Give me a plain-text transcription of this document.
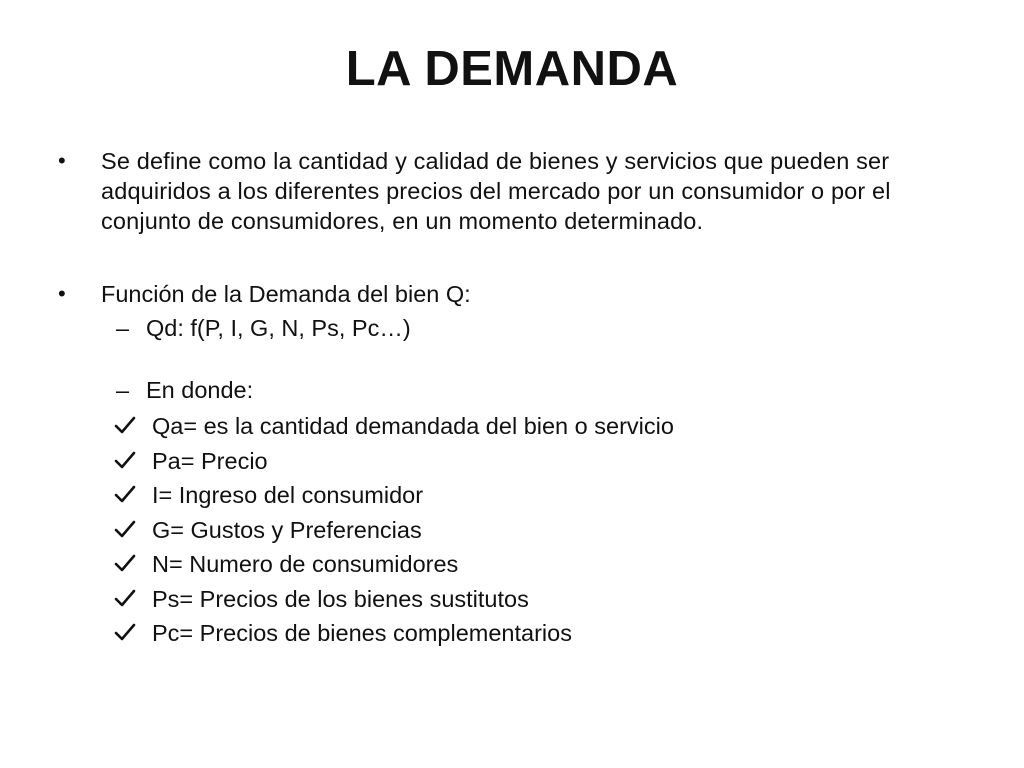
LA DEMANDA
•	Se define como la cantidad y calidad de bienes y servicios que pueden ser adquiridos a los diferentes precios del mercado por un consumidor o por el conjunto de consumidores, en un momento determinado.
•	Función de la Demanda del bien Q:
– Qd: f(P, I, G, N, Ps, Pc…)
– En donde:
Qa= es la cantidad demandada del bien o servicio
Pa= Precio
I= Ingreso del consumidor
G= Gustos y Preferencias
N= Numero de consumidores
Ps= Precios de los bienes sustitutos
Pc= Precios de bienes complementarios
